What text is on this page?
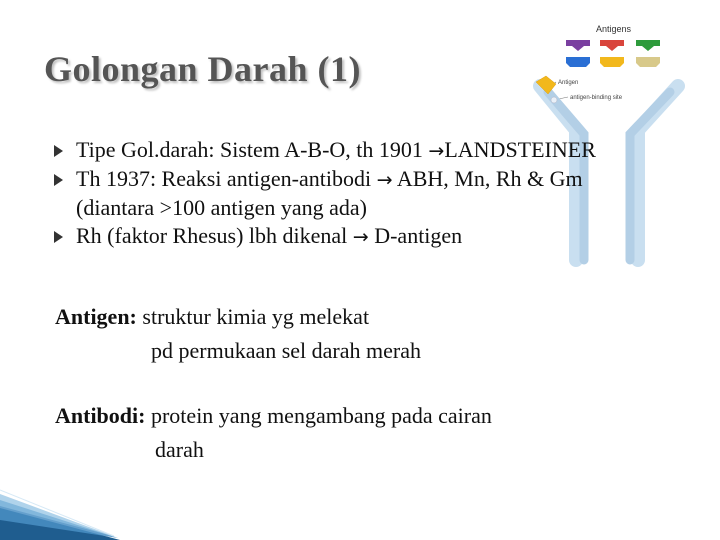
Golongan Darah (1)
Antigens
Antigen
antigen-binding site
Tipe Gol.darah: Sistem A-B-O, th 1901 →LANDSTEINER
Th 1937: Reaksi antigen-antibodi → ABH, Mn, Rh & Gm
(diantara >100 antigen yang ada)
Rh (faktor Rhesus) lbh dikenal → D-antigen
Antigen: struktur kimia yg melekat
pd permukaan sel darah merah
Antibodi: protein yang mengambang pada cairan
darah
